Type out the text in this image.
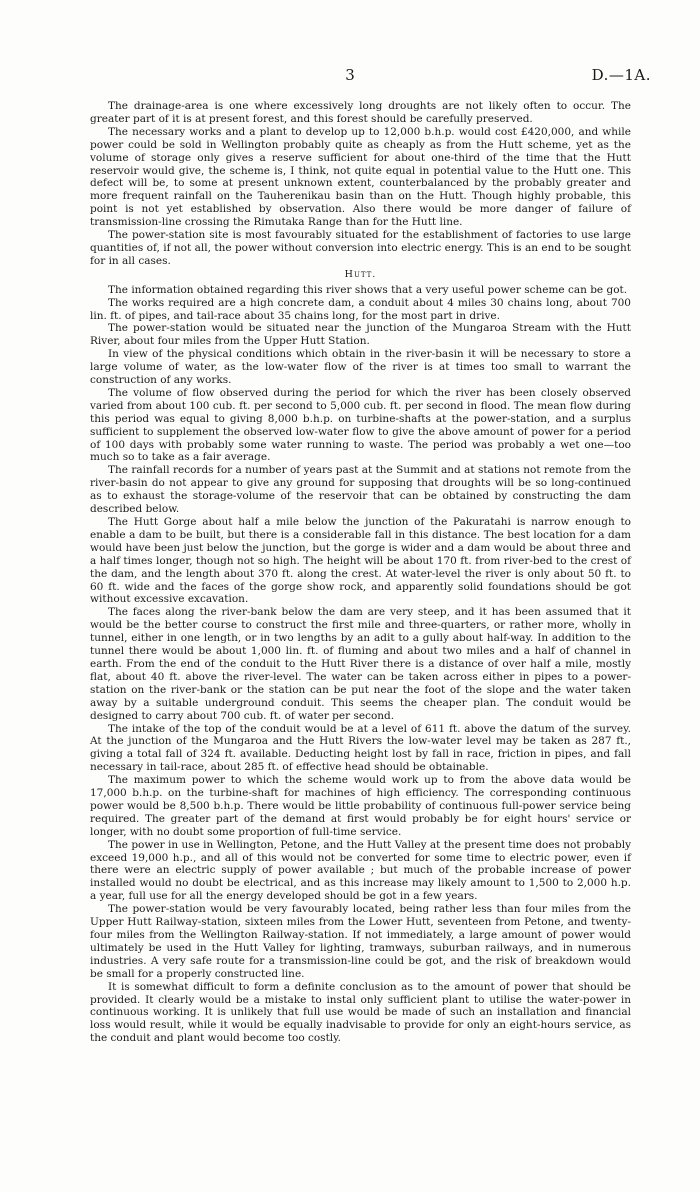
3	D.—1A.

The drainage-area is one where excessively long droughts are not likely often to occur. The greater part of it is at present forest, and this forest should be carefully preserved.

The necessary works and a plant to develop up to 12,000 b.h.p. would cost £420,000, and while power could be sold in Wellington probably quite as cheaply as from the Hutt scheme, yet as the volume of storage only gives a reserve sufficient for about one-third of the time that the Hutt reservoir would give, the scheme is, I think, not quite equal in potential value to the Hutt one. This defect will be, to some at present unknown extent, counterbalanced by the probably greater and more frequent rainfall on the Tauherenikau basin than on the Hutt. Though highly probable, this point is not yet established by observation. Also there would be more danger of failure of transmission-line crossing the Rimutaka Range than for the Hutt line.

The power-station site is most favourably situated for the establishment of factories to use large quantities of, if not all, the power without conversion into electric energy. This is an end to be sought for in all cases.

Hutt.

The information obtained regarding this river shows that a very useful power scheme can be got.

The works required are a high concrete dam, a conduit about 4 miles 30 chains long, about 700 lin. ft. of pipes, and tail-race about 35 chains long, for the most part in drive.

The power-station would be situated near the junction of the Mungaroa Stream with the Hutt River, about four miles from the Upper Hutt Station.

In view of the physical conditions which obtain in the river-basin it will be necessary to store a large volume of water, as the low-water flow of the river is at times too small to warrant the construction of any works.

The volume of flow observed during the period for which the river has been closely observed varied from about 100 cub. ft. per second to 5,000 cub. ft. per second in flood. The mean flow during this period was equal to giving 8,000 b.h.p. on turbine-shafts at the power-station, and a surplus sufficient to supplement the observed low-water flow to give the above amount of power for a period of 100 days with probably some water running to waste. The period was probably a wet one—too much so to take as a fair average.

The rainfall records for a number of years past at the Summit and at stations not remote from the river-basin do not appear to give any ground for supposing that droughts will be so long-continued as to exhaust the storage-volume of the reservoir that can be obtained by constructing the dam described below.

The Hutt Gorge about half a mile below the junction of the Pakuratahi is narrow enough to enable a dam to be built, but there is a considerable fall in this distance. The best location for a dam would have been just below the junction, but the gorge is wider and a dam would be about three and a half times longer, though not so high. The height will be about 170 ft. from river-bed to the crest of the dam, and the length about 370 ft. along the crest. At water-level the river is only about 50 ft. to 60 ft. wide and the faces of the gorge show rock, and apparently solid foundations should be got without excessive excavation.

The faces along the river-bank below the dam are very steep, and it has been assumed that it would be the better course to construct the first mile and three-quarters, or rather more, wholly in tunnel, either in one length, or in two lengths by an adit to a gully about half-way. In addition to the tunnel there would be about 1,000 lin. ft. of fluming and about two miles and a half of channel in earth. From the end of the conduit to the Hutt River there is a distance of over half a mile, mostly flat, about 40 ft. above the river-level. The water can be taken across either in pipes to a power-station on the river-bank or the station can be put near the foot of the slope and the water taken away by a suitable underground conduit. This seems the cheaper plan. The conduit would be designed to carry about 700 cub. ft. of water per second.

The intake of the top of the conduit would be at a level of 611 ft. above the datum of the survey. At the junction of the Mungaroa and the Hutt Rivers the low-water level may be taken as 287 ft., giving a total fall of 324 ft. available. Deducting height lost by fall in race, friction in pipes, and fall necessary in tail-race, about 285 ft. of effective head should be obtainable.

The maximum power to which the scheme would work up to from the above data would be 17,000 b.h.p. on the turbine-shaft for machines of high efficiency. The corresponding continuous power would be 8,500 b.h.p. There would be little probability of continuous full-power service being required. The greater part of the demand at first would probably be for eight hours' service or longer, with no doubt some proportion of full-time service.

The power in use in Wellington, Petone, and the Hutt Valley at the present time does not probably exceed 19,000 h.p., and all of this would not be converted for some time to electric power, even if there were an electric supply of power available ; but much of the probable increase of power installed would no doubt be electrical, and as this increase may likely amount to 1,500 to 2,000 h.p. a year, full use for all the energy developed should be got in a few years.

The power-station would be very favourably located, being rather less than four miles from the Upper Hutt Railway-station, sixteen miles from the Lower Hutt, seventeen from Petone, and twenty-four miles from the Wellington Railway-station. If not immediately, a large amount of power would ultimately be used in the Hutt Valley for lighting, tramways, suburban railways, and in numerous industries. A very safe route for a transmission-line could be got, and the risk of breakdown would be small for a properly constructed line.

It is somewhat difficult to form a definite conclusion as to the amount of power that should be provided. It clearly would be a mistake to instal only sufficient plant to utilise the water-power in continuous working. It is unlikely that full use would be made of such an installation and financial loss would result, while it would be equally inadvisable to provide for only an eight-hours service, as the conduit and plant would become too costly.
